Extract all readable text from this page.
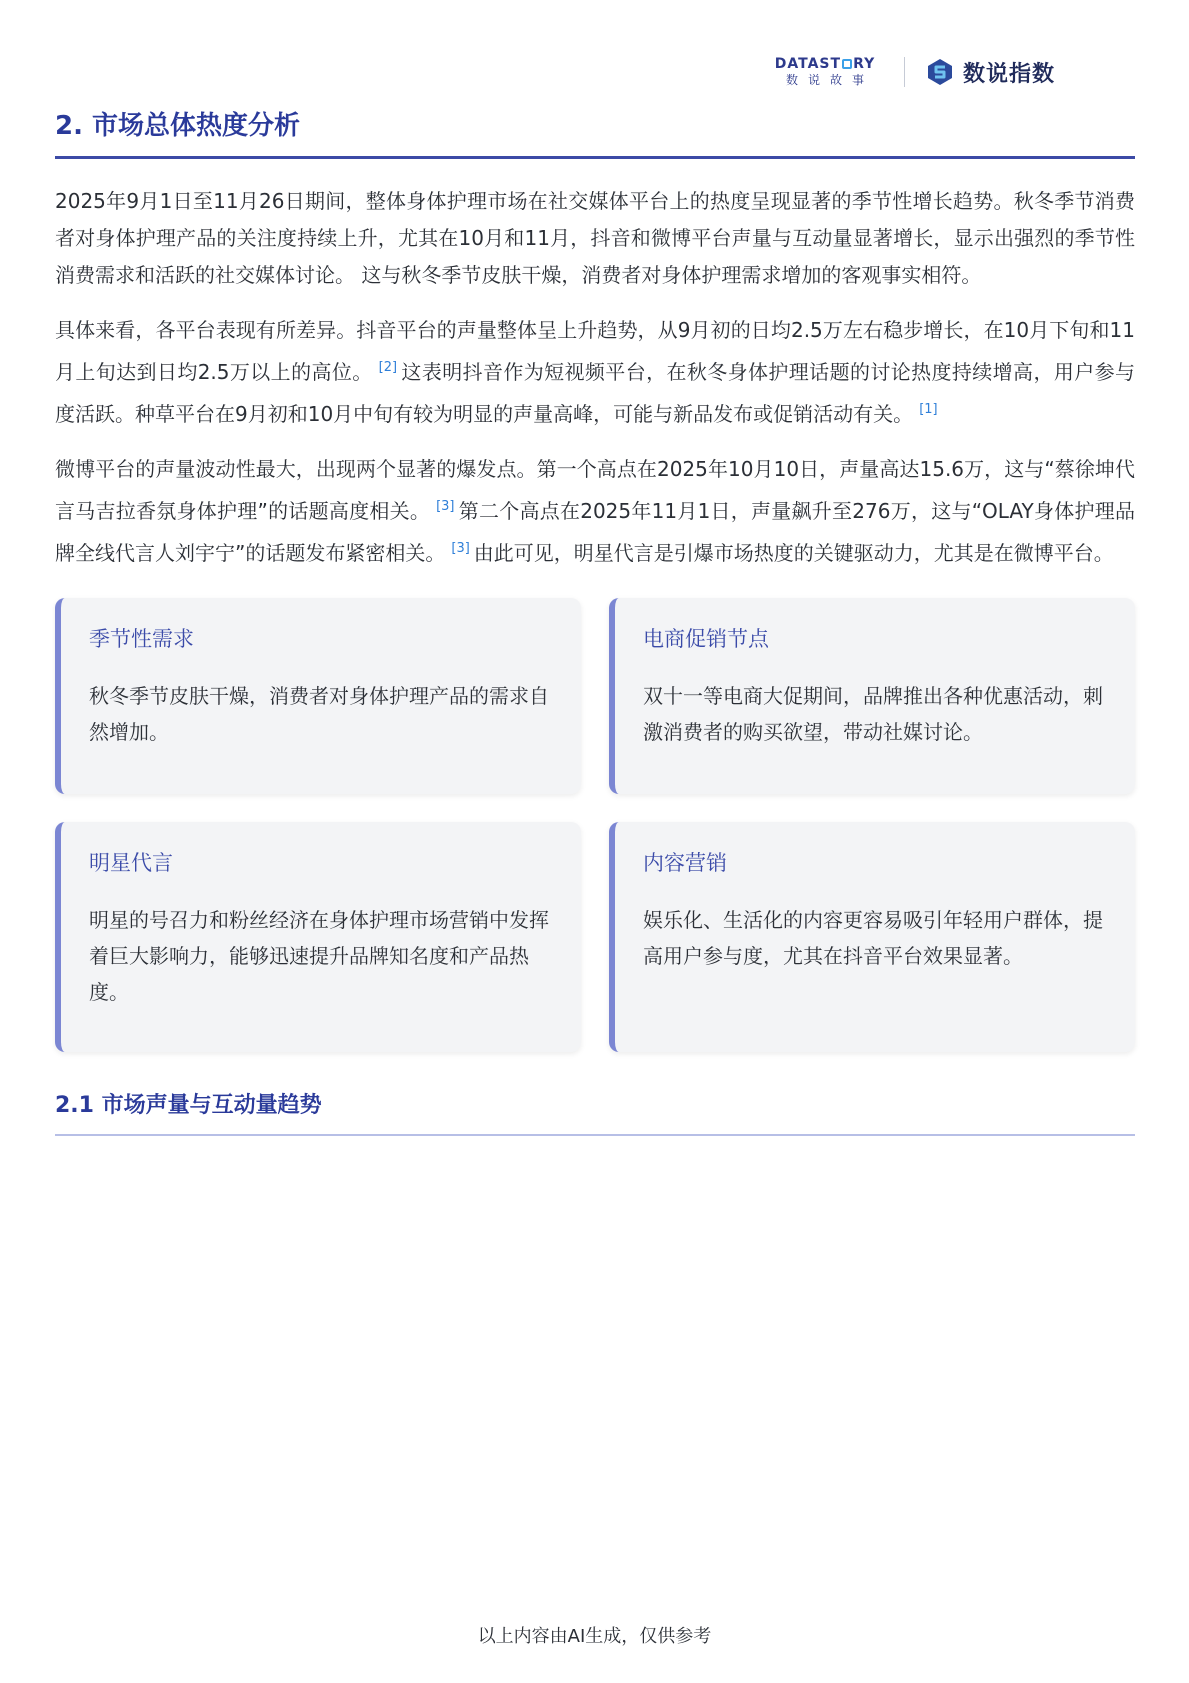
DATAST RY
数说故事	数说指数
2. 市场总体热度分析

2025年9月1日至11月26日期间，整体身体护理市场在社交媒体平台上的热度呈现显著的季节性增长趋势。秋冬季节消费者对身体护理产品的关注度持续上升，尤其在10月和11月，抖音和微博平台声量与互动量显著增长，显示出强烈的季节性消费需求和活跃的社交媒体讨论。 这与秋冬季节皮肤干燥，消费者对身体护理需求增加的客观事实相符。

具体来看，各平台表现有所差异。抖音平台的声量整体呈上升趋势，从9月初的日均2.5万左右稳步增长，在10月下旬和11月上旬达到日均2.5万以上的高位。 [2] 这表明抖音作为短视频平台，在秋冬身体护理话题的讨论热度持续增高，用户参与度活跃。种草平台在9月初和10月中旬有较为明显的声量高峰，可能与新品发布或促销活动有关。 [1]

微博平台的声量波动性最大，出现两个显著的爆发点。第一个高点在2025年10月10日，声量高达15.6万，这与“蔡徐坤代言马吉拉香氛身体护理”的话题高度相关。 [3] 第二个高点在2025年11月1日，声量飙升至276万，这与“OLAY身体护理品牌全线代言人刘宇宁”的话题发布紧密相关。 [3] 由此可见，明星代言是引爆市场热度的关键驱动力，尤其是在微博平台。

季节性需求
秋冬季节皮肤干燥，消费者对身体护理产品的需求自然增加。
电商促销节点
双十一等电商大促期间，品牌推出各种优惠活动，刺激消费者的购买欲望，带动社媒讨论。
明星代言
明星的号召力和粉丝经济在身体护理市场营销中发挥着巨大影响力，能够迅速提升品牌知名度和产品热度。
内容营销
娱乐化、生活化的内容更容易吸引年轻用户群体，提高用户参与度，尤其在抖音平台效果显著。
2.1 市场声量与互动量趋势
以上内容由AI生成，仅供参考
